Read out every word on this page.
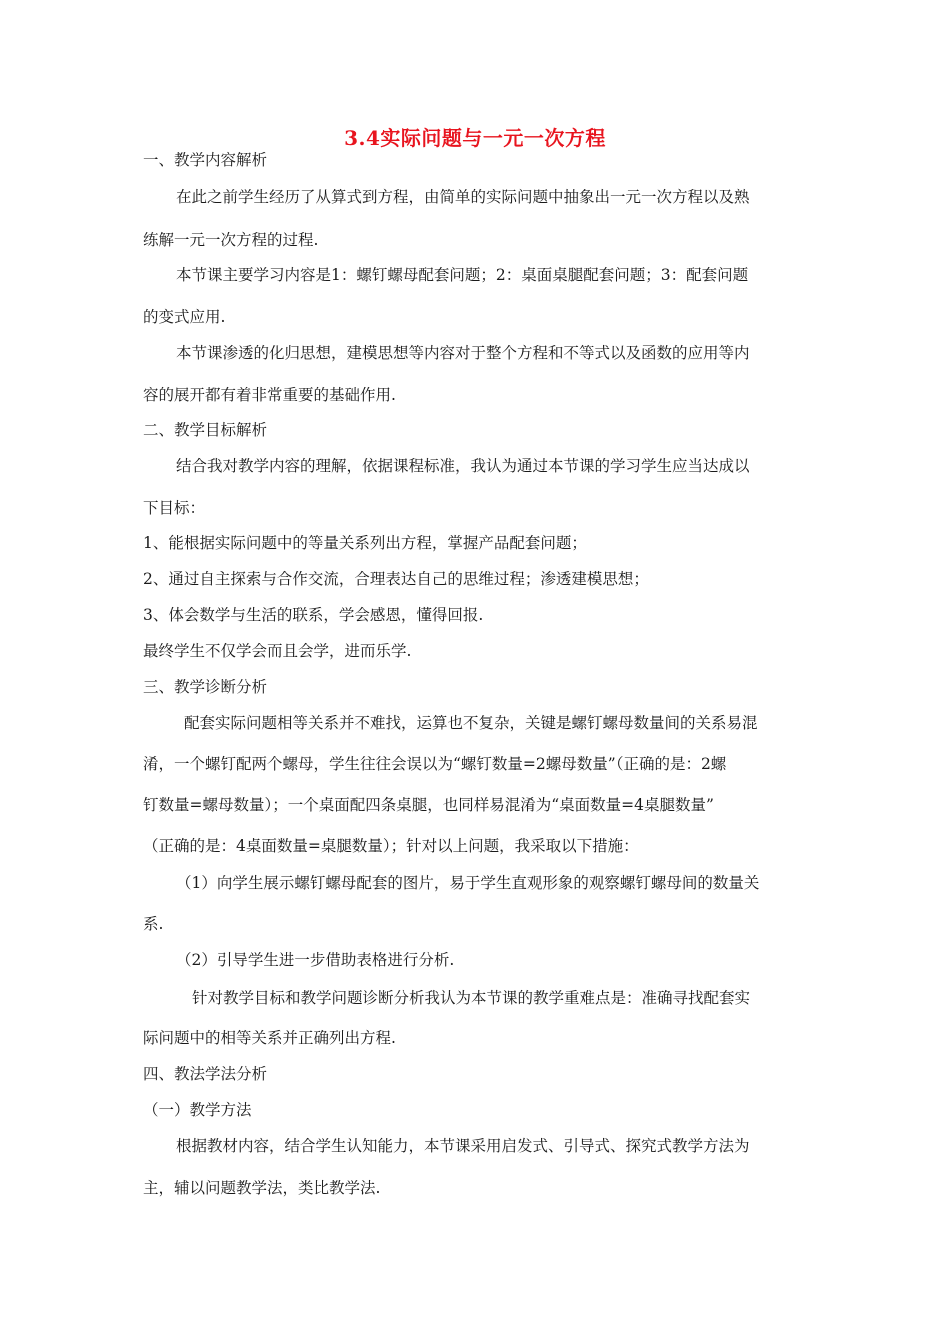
3.4实际问题与一元一次方程
一、教学内容解析
在此之前学生经历了从算式到方程，由简单的实际问题中抽象出一元一次方程以及熟
练解一元一次方程的过程.
本节课主要学习内容是1：螺钉螺母配套问题；2：桌面桌腿配套问题；3：配套问题
的变式应用.
本节课渗透的化归思想，建模思想等内容对于整个方程和不等式以及函数的应用等内
容的展开都有着非常重要的基础作用.
二、教学目标解析
结合我对教学内容的理解，依据课程标准，我认为通过本节课的学习学生应当达成以
下目标：
1、能根据实际问题中的等量关系列出方程，掌握产品配套问题；
2、通过自主探索与合作交流，合理表达自己的思维过程；渗透建模思想；
3、体会数学与生活的联系，学会感恩，懂得回报.
最终学生不仅学会而且会学，进而乐学.
三、教学诊断分析
配套实际问题相等关系并不难找，运算也不复杂，关键是螺钉螺母数量间的关系易混
淆，一个螺钉配两个螺母，学生往往会误以为“螺钉数量=2螺母数量”（正确的是：2螺
钉数量=螺母数量）；一个桌面配四条桌腿，也同样易混淆为“桌面数量=4桌腿数量”
（正确的是：4桌面数量=桌腿数量）；针对以上问题，我采取以下措施：
（1）向学生展示螺钉螺母配套的图片，易于学生直观形象的观察螺钉螺母间的数量关
系.
（2）引导学生进一步借助表格进行分析.
针对教学目标和教学问题诊断分析我认为本节课的教学重难点是：准确寻找配套实
际问题中的相等关系并正确列出方程.
四、教法学法分析
（一）教学方法
根据教材内容，结合学生认知能力，本节课采用启发式、引导式、探究式教学方法为
主，辅以问题教学法，类比教学法.
